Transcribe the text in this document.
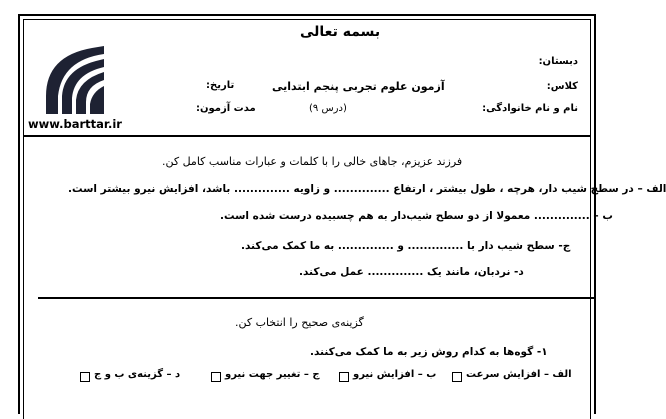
بسمه تعالی
دبستان:
کلاس:
نام و نام خانوادگی:
آزمون علوم تجربی پنجم ابتدایی
(درس ۹)
تاریخ:
مدت آزمون:
www.barttar.ir
فرزند عزیزم، جاهای خالی را با کلمات و عبارات مناسب کامل کن.
الف – در سطح شیب دار، هرچه ، طول بیشتر ، ارتفاع .............. و زاویه .............. باشد، افزایش نیرو بیشتر است.
ب – .............. معمولا از دو سطح شیب‌دار به هم چسبیده درست شده است.
ج- سطح شیب دار با .............. و .............. به ما کمک می‌کند.
د- نردبان، مانند یک .............. عمل می‌کند.
گزینه‌ی صحیح را انتخاب کن.
۱- گوه‌ها به کدام روش زیر به ما کمک می‌کنند.
الف – افزایش سرعت
ب – افزایش نیرو
ج – تغییر جهت نیرو
د – گزینه‌ی ب و ج
